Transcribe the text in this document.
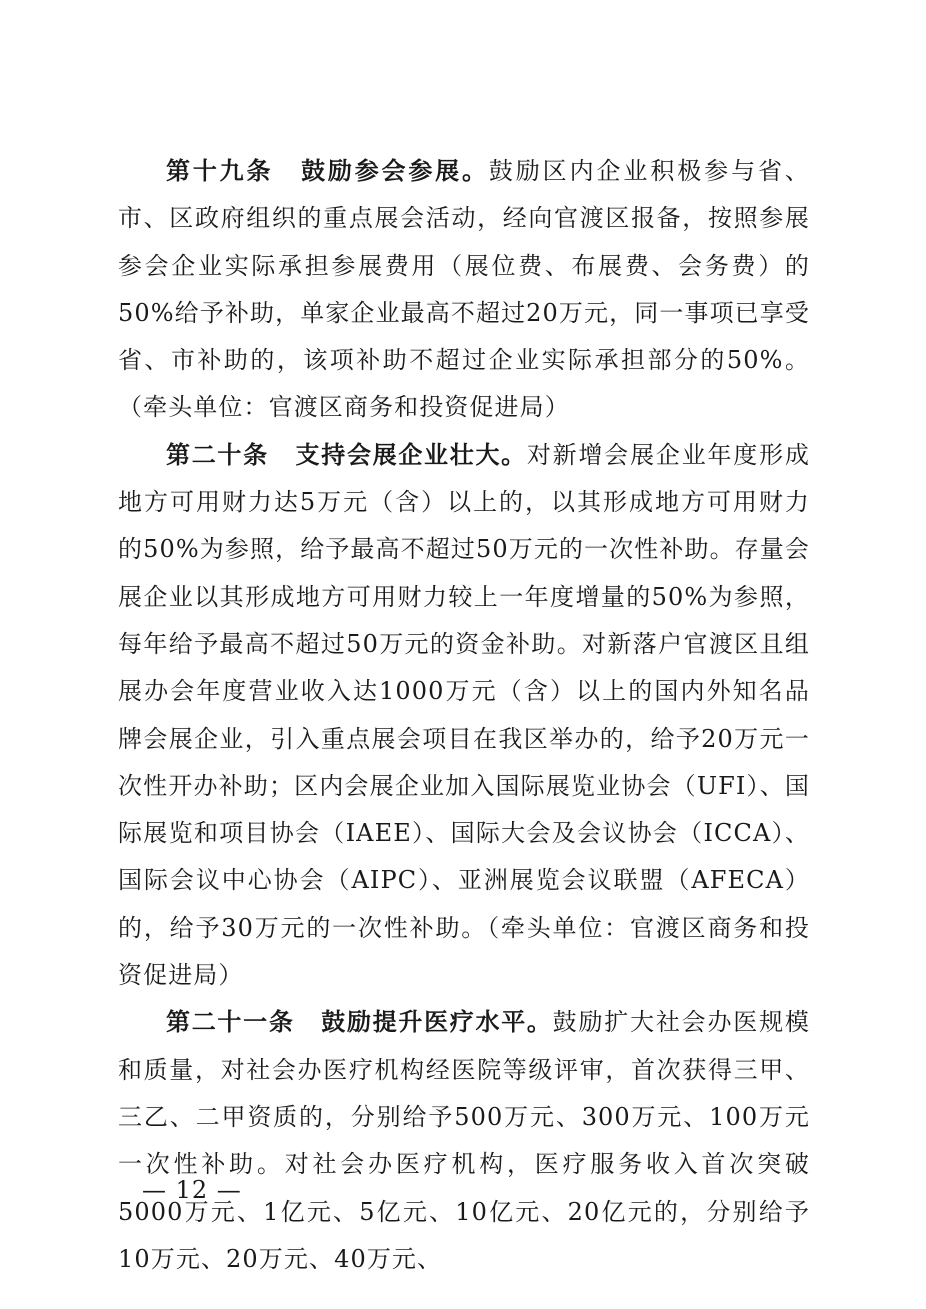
第十九条 鼓励参会参展。鼓励区内企业积极参与省、市、区政府组织的重点展会活动，经向官渡区报备，按照参展参会企业实际承担参展费用（展位费、布展费、会务费）的50%给予补助，单家企业最高不超过20万元，同一事项已享受省、市补助的，该项补助不超过企业实际承担部分的50%。（牵头单位：官渡区商务和投资促进局）

第二十条 支持会展企业壮大。对新增会展企业年度形成地方可用财力达5万元（含）以上的，以其形成地方可用财力的50%为参照，给予最高不超过50万元的一次性补助。存量会展企业以其形成地方可用财力较上一年度增量的50%为参照，每年给予最高不超过50万元的资金补助。对新落户官渡区且组展办会年度营业收入达1000万元（含）以上的国内外知名品牌会展企业，引入重点展会项目在我区举办的，给予20万元一次性开办补助；区内会展企业加入国际展览业协会（UFI）、国际展览和项目协会（IAEE）、国际大会及会议协会（ICCA）、国际会议中心协会（AIPC）、亚洲展览会议联盟（AFECA）的，给予30万元的一次性补助。（牵头单位：官渡区商务和投资促进局）

第二十一条 鼓励提升医疗水平。鼓励扩大社会办医规模和质量，对社会办医疗机构经医院等级评审，首次获得三甲、三乙、二甲资质的，分别给予500万元、300万元、100万元一次性补助。对社会办医疗机构，医疗服务收入首次突破5000万元、1亿元、5亿元、10亿元、20亿元的，分别给予10万元、20万元、40万元、

— 12 —
